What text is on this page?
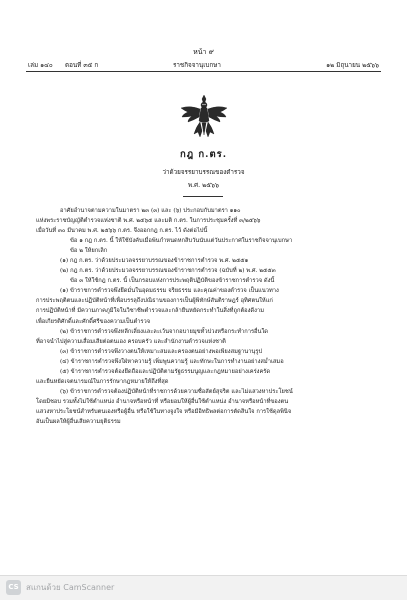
หน้า ๙
เล่ม ๑๔๐ ตอนที่ ๓๕ ก	ราชกิจจานุเบกษา	๑๒ มิถุนายน ๒๕๖๖
กฎ ก.ตร.
ว่าด้วยจรรยาบรรณของตำรวจ
พ.ศ. ๒๕๖๖

อาศัยอำนาจตามความในมาตรา ๒๓ (๓) และ (๖) ประกอบกับมาตรา ๑๑๐

แห่งพระราชบัญญัติตำรวจแห่งชาติ พ.ศ. ๒๕๖๕ และมติ ก.ตร. ในการประชุมครั้งที่ ๓/๒๕๖๖

เมื่อวันที่ ๓๐ มีนาคม พ.ศ. ๒๕๖๖ ก.ตร. จึงออกกฎ ก.ตร. ไว้ ดังต่อไปนี้

ข้อ ๑ กฎ ก.ตร. นี้ ให้ใช้บังคับเมื่อพ้นกำหนดหกสิบวันนับแต่วันประกาศในราชกิจจานุเบกษา

ข้อ ๒ ให้ยกเลิก

(๑) กฎ ก.ตร. ว่าด้วยประมวลจรรยาบรรณของข้าราชการตำรวจ พ.ศ. ๒๕๕๑

(๒) กฎ ก.ตร. ว่าด้วยประมวลจรรยาบรรณของข้าราชการตำรวจ (ฉบับที่ ๒) พ.ศ. ๒๕๕๓

ข้อ ๓ ให้ใช้กฎ ก.ตร. นี้ เป็นกรอบแห่งการประพฤติปฏิบัติของข้าราชการตำรวจ ดังนี้

(๑) ข้าราชการตำรวจพึงยึดมั่นในอุดมธรรม จริยธรรม และคุณค่าของตำรวจ เป็นแนวทาง

การประพฤติตนและปฏิบัติหน้าที่เพื่อบรรลุถึงปณิธานของการเป็นผู้พิทักษ์สันติราษฎร์ อุทิศตนให้แก่

การปฏิบัติหน้าที่ มีความภาคภูมิใจในวิชาชีพตำรวจและกล้ายืนหยัดกระทำในสิ่งที่ถูกต้องดีงาม

เพื่อเกียรติศักดิ์และศักดิ์ศรีของความเป็นตำรวจ

(๒) ข้าราชการตำรวจพึงหลีกเลี่ยงและละเว้นจากอบายมุขทั้วปวงหรือกระทำการอื่นใด

ที่อาจนำไปสู่ความเสื่อมเสียต่อตนเอง ครอบครัว และสำนักงานตำรวจแห่งชาติ

(๓) ข้าราชการตำรวจพึงวางตนให้เหมาะสมและครองตนอย่างพอเพียงสมฐานานุรูป

(๔) ข้าราชการตำรวจพึงใฝ่หาความรู้ เพิ่มพูนความรู้ และทักษะในการทำงานอย่างสม่ำเสมอ

(๕) ข้าราชการตำรวจต้องยึดถือและปฏิบัติตามรัฐธรรมนูญและกฎหมายอย่างเคร่งครัด

และยืนหยัดเจตนารมณ์ในการรักษากฎหมายให้ถึงที่สุด

(๖) ข้าราชการตำรวจต้องปฏิบัติหน้าที่ราชการด้วยความซื่อสัตย์สุจริต และไม่แสวงหาประโยชน์

โดยมิชอบ รวมทั้งไม่ใช้ตำแหน่ง อำนาจหรือหน้าที่ หรือยอมให้ผู้อื่นใช้ตำแหน่ง อำนาจหรือหน้าที่ของตน

แสวงหาประโยชน์สำหรับตนเองหรือผู้อื่น หรือใช้ในทางจูงใจ หรือมีอิทธิพลต่อการตัดสินใจ การใช้ดุลพินิจ

อันเป็นผลให้ผู้อื่นเสียความยุติธรรม

CS สแกนด้วย CamScanner
